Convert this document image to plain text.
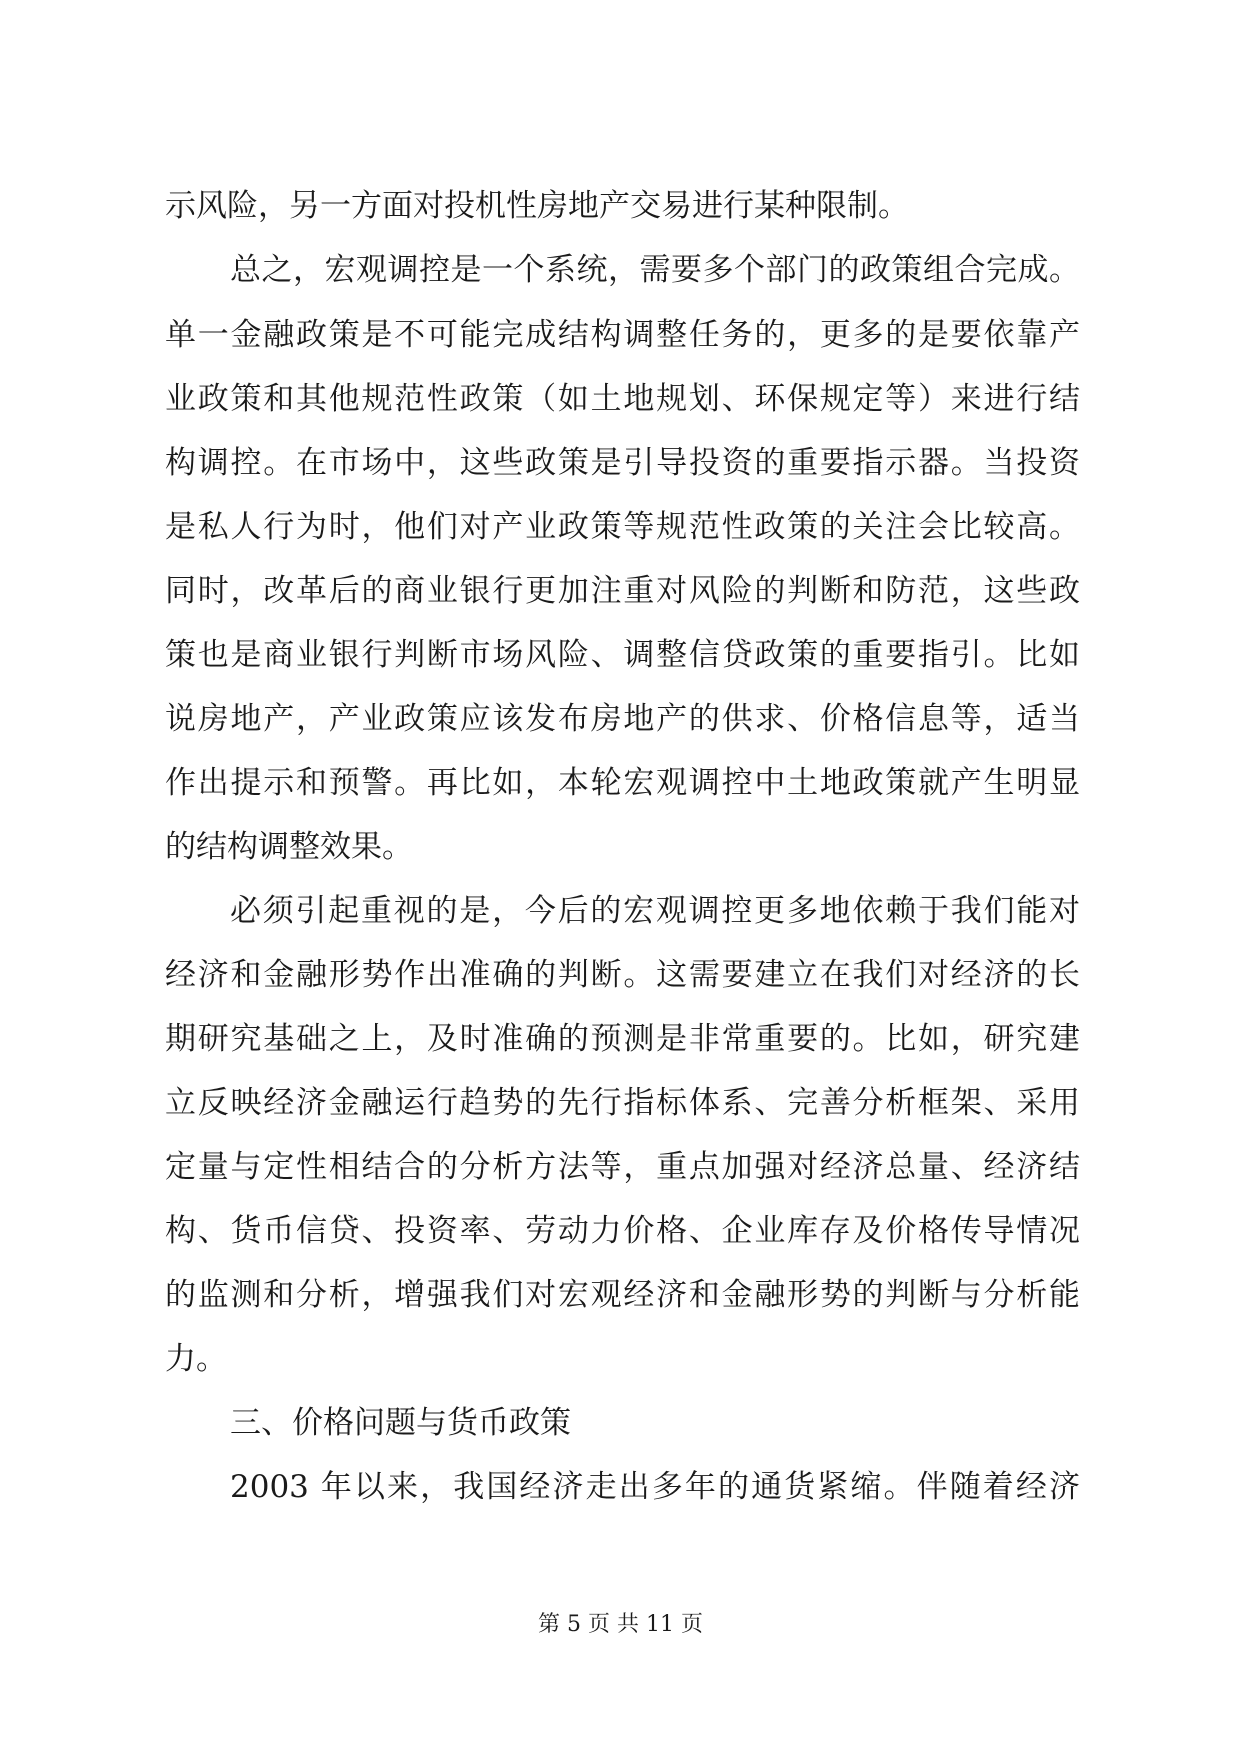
示风险，另一方面对投机性房地产交易进行某种限制。
总之，宏观调控是一个系统，需要多个部门的政策组合完成。
单一金融政策是不可能完成结构调整任务的，更多的是要依靠产
业政策和其他规范性政策（如土地规划、环保规定等）来进行结
构调控。在市场中，这些政策是引导投资的重要指示器。当投资
是私人行为时，他们对产业政策等规范性政策的关注会比较高。
同时，改革后的商业银行更加注重对风险的判断和防范，这些政
策也是商业银行判断市场风险、调整信贷政策的重要指引。比如
说房地产，产业政策应该发布房地产的供求、价格信息等，适当
作出提示和预警。再比如，本轮宏观调控中土地政策就产生明显
的结构调整效果。
必须引起重视的是，今后的宏观调控更多地依赖于我们能对
经济和金融形势作出准确的判断。这需要建立在我们对经济的长
期研究基础之上，及时准确的预测是非常重要的。比如，研究建
立反映经济金融运行趋势的先行指标体系、完善分析框架、采用
定量与定性相结合的分析方法等，重点加强对经济总量、经济结
构、货币信贷、投资率、劳动力价格、企业库存及价格传导情况
的监测和分析，增强我们对宏观经济和金融形势的判断与分析能
力。
三、价格问题与货币政策
2003 年以来，我国经济走出多年的通货紧缩。伴随着经济
第 5 页 共 11 页
